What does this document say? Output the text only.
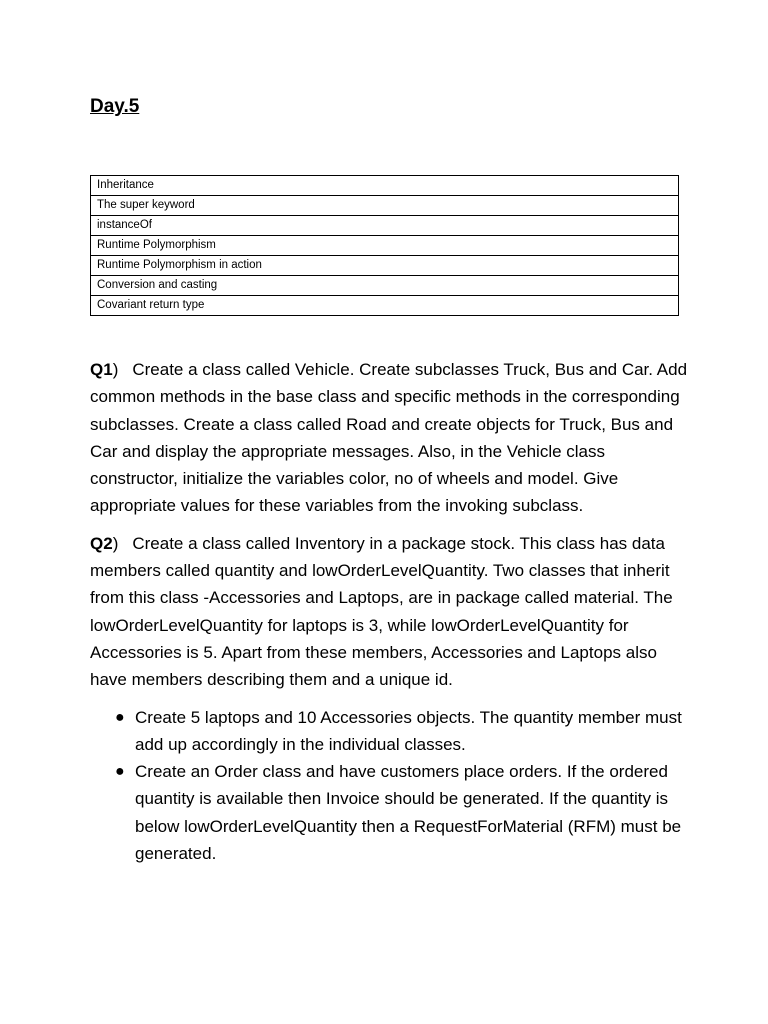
Day.5
Inheritance
The super keyword
instanceOf
Runtime Polymorphism
Runtime Polymorphism in action
Conversion and casting
Covariant return type

Q1) Create a class called Vehicle. Create subclasses Truck, Bus and Car. Add common methods in the base class and specific methods in the corresponding subclasses. Create a class called Road and create objects for Truck, Bus and Car and display the appropriate messages. Also, in the Vehicle class constructor, initialize the variables color, no of wheels and model. Give appropriate values for these variables from the invoking subclass.

Q2) Create a class called Inventory in a package stock. This class has data members called quantity and lowOrderLevelQuantity. Two classes that inherit from this class -Accessories and Laptops, are in package called material. The lowOrderLevelQuantity for laptops is 3, while lowOrderLevelQuantity for Accessories is 5. Apart from these members, Accessories and Laptops also have members describing them and a unique id.

● Create 5 laptops and 10 Accessories objects. The quantity member must add up accordingly in the individual classes.
● Create an Order class and have customers place orders. If the ordered quantity is available then Invoice should be generated. If the quantity is below lowOrderLevelQuantity then a RequestForMaterial (RFM) must be generated.
